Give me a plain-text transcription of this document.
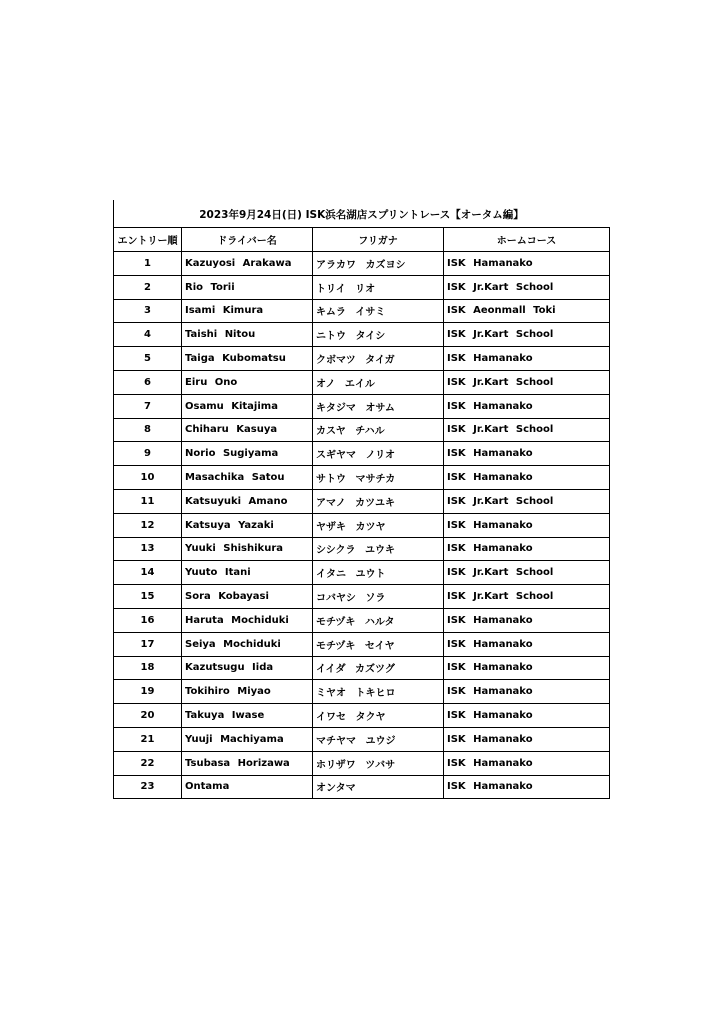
2023年9月24日(日) ISK浜名湖店スプリントレース【オータム編】
エントリー順	ドライバー名	フリガナ	ホームコース
1	Kazuyosi Arakawa	アラカワ カズヨシ	ISK Hamanako
2	Rio Torii	トリイ リオ	ISK Jr.Kart School
3	Isami Kimura	キムラ イサミ	ISK Aeonmall Toki
4	Taishi Nitou	ニトウ タイシ	ISK Jr.Kart School
5	Taiga Kubomatsu	クボマツ タイガ	ISK Hamanako
6	Eiru Ono	オノ エイル	ISK Jr.Kart School
7	Osamu Kitajima	キタジマ オサム	ISK Hamanako
8	Chiharu Kasuya	カスヤ チハル	ISK Jr.Kart School
9	Norio Sugiyama	スギヤマ ノリオ	ISK Hamanako
10	Masachika Satou	サトウ マサチカ	ISK Hamanako
11	Katsuyuki Amano	アマノ カツユキ	ISK Jr.Kart School
12	Katsuya Yazaki	ヤザキ カツヤ	ISK Hamanako
13	Yuuki Shishikura	シシクラ ユウキ	ISK Hamanako
14	Yuuto Itani	イタニ ユウト	ISK Jr.Kart School
15	Sora Kobayasi	コバヤシ ソラ	ISK Jr.Kart School
16	Haruta Mochiduki	モチヅキ ハルタ	ISK Hamanako
17	Seiya Mochiduki	モチヅキ セイヤ	ISK Hamanako
18	Kazutsugu Iida	イイダ カズツグ	ISK Hamanako
19	Tokihiro Miyao	ミヤオ トキヒロ	ISK Hamanako
20	Takuya Iwase	イワセ タクヤ	ISK Hamanako
21	Yuuji Machiyama	マチヤマ ユウジ	ISK Hamanako
22	Tsubasa Horizawa	ホリザワ ツバサ	ISK Hamanako
23	Ontama	オンタマ	ISK Hamanako
